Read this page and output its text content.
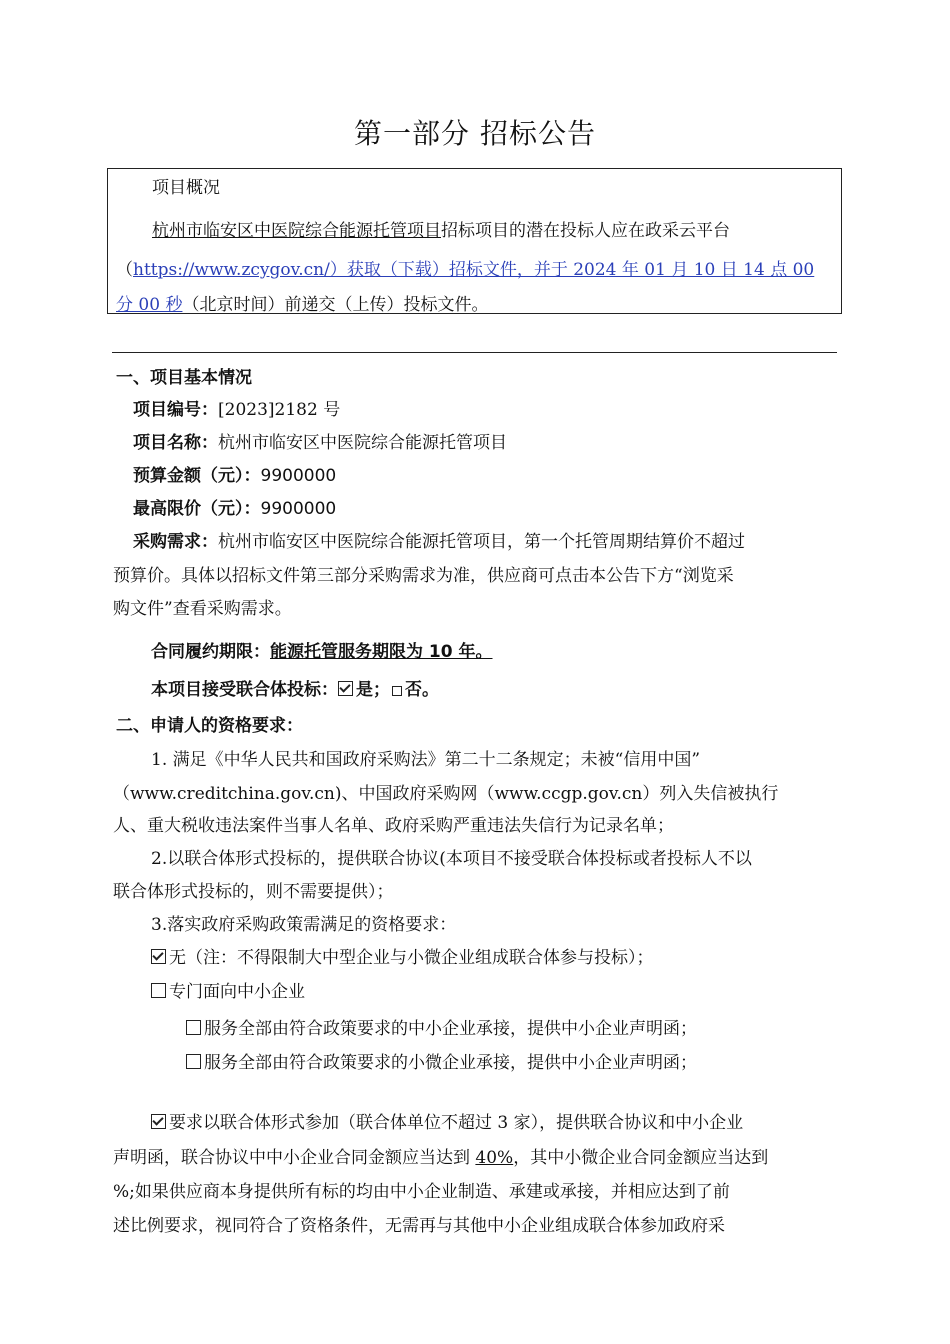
第一部分 招标公告
项目概况
杭州市临安区中医院综合能源托管项目招标项目的潜在投标人应在政采云平台
（https://www.zcygov.cn/）获取（下载）招标文件，并于 2024 年 01 月 10 日 14 点 00
分 00 秒（北京时间）前递交（上传）投标文件。
一、项目基本情况
项目编号：[2023]2182 号
项目名称：杭州市临安区中医院综合能源托管项目
预算金额（元）：9900000
最高限价（元）：9900000
采购需求：杭州市临安区中医院综合能源托管项目，第一个托管周期结算价不超过
预算价。具体以招标文件第三部分采购需求为准，供应商可点击本公告下方“浏览采
购文件”查看采购需求。
合同履约期限：能源托管服务期限为 10 年。
本项目接受联合体投标： 是； 否。
二、申请人的资格要求：
1. 满足《中华人民共和国政府采购法》第二十二条规定；未被“信用中国”
（www.creditchina.gov.cn)、中国政府采购网（www.ccgp.gov.cn）列入失信被执行
人、重大税收违法案件当事人名单、政府采购严重违法失信行为记录名单；
2.以联合体形式投标的，提供联合协议(本项目不接受联合体投标或者投标人不以
联合体形式投标的，则不需要提供）；
3.落实政府采购政策需满足的资格要求：
无（注：不得限制大中型企业与小微企业组成联合体参与投标）；
专门面向中小企业
服务全部由符合政策要求的中小企业承接，提供中小企业声明函；
服务全部由符合政策要求的小微企业承接，提供中小企业声明函；
要求以联合体形式参加（联合体单位不超过 3 家），提供联合协议和中小企业
声明函，联合协议中中小企业合同金额应当达到 40%，其中小微企业合同金额应当达到
%;如果供应商本身提供所有标的均由中小企业制造、承建或承接，并相应达到了前
述比例要求，视同符合了资格条件，无需再与其他中小企业组成联合体参加政府采
